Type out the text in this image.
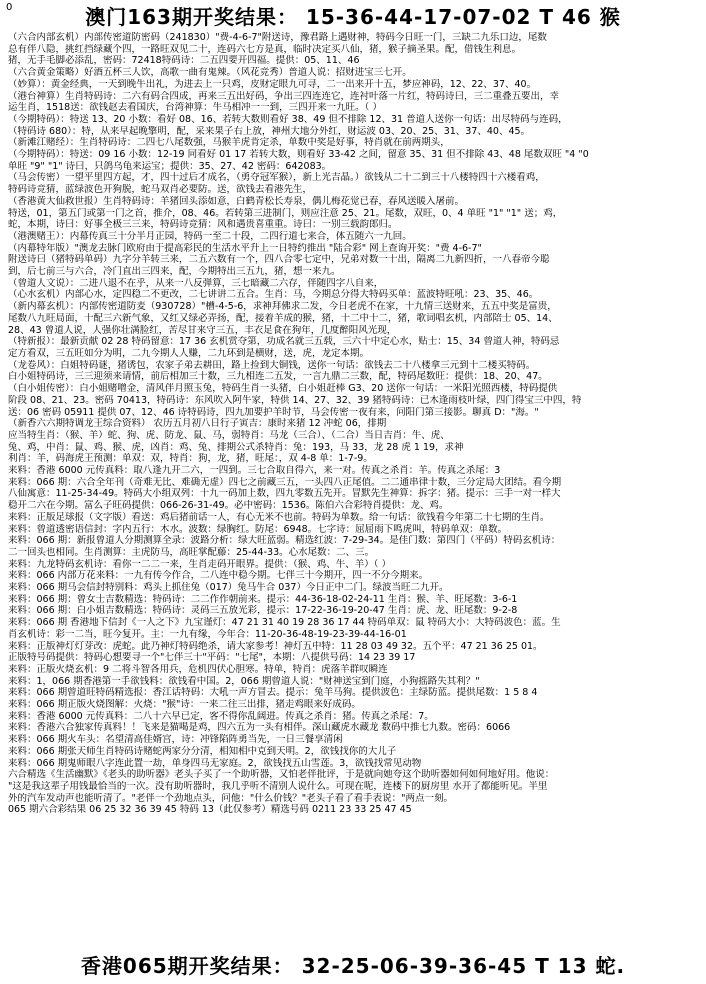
0	澳门163期开奖结果： 15-36-44-17-07-02 T 46 猴
（六合内部玄机）内部传密道防密码（241830）"费-4-6-7"附送诗，豫君路上遇财神，特码今日旺一门，三缺二九乐口边，尾数
总有伴八隐，挑红挡绿藏个四，一路旺双见二十，连码六七方是真，临时决定买八仙，猪，猴子摘圣果。配，借钱生利息。
猪，无手毛脚必添乱，密码：72418特码诗：二五四要开四福。提供：05、11、46
（六合黄金策略）好酒五杯三人饮，高歌一曲有鬼辣。（风花竞秀）普道人说：招财进宝三七开。
（妙算）：黄金经典，一天到晚牛出礼，为进去上一只鸡，皮财定眼九可寻，二一出来开十五，梦应神码，12、22、37、40。
（港台神算）生肖特码诗：二六有码合四成，再来三五出好码，争出三四连连它，连衬叶落一片红，特码诗曰，三二重叠五要出，幸
运生肖，1518送：欲钱赵去看国庆，台湾神算：牛马相冲一一到，三四开来一九旺。（ ）
（今期特码）：特送 13、20 小数：看好 08、16、若转大数则看好 38、49 但不排除 12、31 普道人送你一句话：出尽特码与连码，
（特码诗 680）：特，从来早起晚擎明，配，采来果子右上放，神州大地分外红，财运波 03、20、25、31、37、40、45。
（新滩江赌经）：生肖特码诗：二四七八尾数强，马猴羊虎肯定杀，单数中奖是好事，特肖就在前两期头，
（今期特码）：特送：09 16 小数：12-19 同看好 01 17 若转大数，则看好 33-42 之间，留意 35、31 但不排除 43、48 尾数双旺 "4 "0
单旺 "9" "1" 诗曰，只鸽乌龟来运宝；提供：35、27、42 密码：642083。
（马会传密）一望平里四方起，才，四十过后才成名，（勇夺冠军猴），新上光吉晶。）欲钱从二十二到三十八楼特四十六楼看鸡，
特码诗竞猜，蓝绿波色开狗脱，蛇马双肖必要防。送，欲钱去看港先生，
（香港黄大仙救世报）生肖特码诗：羊猪回头添如意，白鹤青松长寿泉，偶儿梅花觉已春，春风送暖入屠前。
特送，01，第五门或第一门之首，推介，08、46。若转第三进制门，则应注意 25、21。尾数，双旺，0、4 单旺 "1" "1" 送；鸡，
蛇，本期，诗曰：好事全极三三来，特码诗竞猜：风和遇贵喜重重。诗曰：一别三载韵郎归。
（港澳赌王）：内幕传真三十分半月正园，特码一至二十段，二四行道七来合，体五随六一九回。
（内幕特年版）"澳龙去脉门欧府由于提高彩民的生活水平升上一日特约推出 "陆合彩" 网上查询开奖："费 4-6-7"
附送诗曰（猪特码单码）九字分羊转三来，二五六数有一个，四八合零七定中，兄弟对数一十出，隔离二九新四折，一八春帝今聪
到，后七前三与六合，冷门直出三四来，配，今期特出三五九，猪，想一来九。
（曾道人文说）：二进八退不在乎，从来一八反弹算，三七暗藏二六存，伴随四字八自来，
（心水玄机）内部心水，定四稳二不更改，二七讲讲二五合。生肖：马，今期总分得大特码买单：蓝波特旺吼：23、35、46。
（新内幕玄机）：内部传密道防麦（930728）"槽-4-5-6，求神拜佛求二发，今日老虎不在家，十九情三送财来，五五中奖是富贵，
尾数八九旺局面，十配三六新气象，又红又绿必弄扬，配，接着羊成的猴，猪，十二中十二，猪，歌词唱玄机，内部陪士 05、14、
28、43 曾道人说，人强你壮满脸红，苦尽甘来守三五，丰衣足食在狗年，几度醉阳风光现，
（特新报）：最新贡献 02 28 特码留意：17 36 玄机赏夺第，功成名就三五载，三六十中定心水，贴士：15、34 曾道人神，特码忌
定方看双，三五旺如分为明，二九今期人人赚，二九环到是横财，送，虎，龙定本期。
（龙卷风）：白姐特码谜，猪诱包，农家子弟去耕田，路上捡到大铜钱，送你一句话：欲钱去二十八楼拿三元到十二楼买特码。
白小姐特码诗，三三迎须来请情，前后相加三十数，三九相连二五发，一言九鼎二三数，配，特码尾数旺：提供：18、20、47。
（白小姐传密）：白小姐赌噌金，清风伴月照玉兔，特码生肖一头猪，白小姐赶棒 G3、20 送你一句话：一米阳光照西楼，特码提供
阶段 08、21、23。密码 70413，特码诗：东风吹入阿牛家，特供 14、27、32、39 猪特码诗：已木逢雨枝叶绿，四门得宝三中四，特
送：06 密码 05911 提供 07、12、46 诗特码诗，四九加要护羊时节，马会传密一夜有来，问阳门第三接影。聊真 D："海。"
（新香六六期特调龙王综合资料） 农历五月初八日行子寅吉：康时来猪 12 冲蛇 06，排期
应当特生肖：（猴、羊）蛇、狗、虎、防龙、鼠、马，弱特肖：马龙（三合）、（二合）当日吉肖：牛、虎、
兔、鸡，中肖：鼠、鸡、猴、虎，凶肖：鸡、兔、排期公式杀特肖：兔：193，马 33，龙 28 虎 1 19，求神
利肖：羊，码海虎王预测：单双：双，特肖：狗，龙，猪，旺尾：，双 4-8 单：1-7-9。
来料：香港 6000 元传真料：取八逢九开二六，一四到。三七合取自得六，来一对。传真之杀肖：羊。传真之杀尾：3
来料：066 期：六合全年刊（奇难无比、难确无虚）四七之前藏三五，一头四八正尾值。二二通串律十数，三分定局大团结。看今期
八仙寓意：11-25-34-49。特码大小组双列：十九一码加上数，四九零数五先开。冒默先生神算：拆字：猪。提示：三手一对一样大
稳开二六在今期。富么子旺码提供：066-26-31-49。必中密码：1536。陈伯六合彩特肖提供：龙、鸡。
来料：正版足球报（文字版）看送：鸡后猪前话一人，有心无米不也前。特码为单数。给一句话：欲钱看今年第二十七期的生肖。
来料：曾道透密语信封：字内五行：木水。波数：绿胸红。防尾：6948。七字诗：屈屈雨下鸣虎叫，特码单双：单数。
来料：066 期：新报曾道人分期测算全录：波路分析：绿大旺蓝弱。精选红波：7-29-34。是佳门数：第四门（平码）特码玄机诗：
二一回头也相同。生肖测算：主虎防马，高旺掌配藤：25-44-33。心水尾数：二、三。
来料：九龙特码玄机诗：看你一二二一来，生肖走码开眼界。提供：（猴、鸡、牛、羊）（ ）
来料：066 内部万花来料：一九有传今作合，二八连中稳今期。七伴三十今期开，四一不分今期来。
来料：066 期马会信封特别料：鸡头上抓住兔（017）兔马牛合 037）今日正中二门。绿波当旺二九开。
来料：066 期：曾女士吉数精选：特码诗：二二作作朝前来。提示：44-36-18-02-24-11 生肖：猴、羊、旺尾数：3-6-1
来料：066 期：白小姐吉数精选：特码诗：灵码三五放光彩，提示：17-22-36-19-20-47 生肖：虎、龙、旺尾数：9-2-8
来料：066 期 香港地下信封《一人之下》九宝谨灯：47 21 31 40 19 28 36 17 44 特码单双：鼠 特码大小：大特码波色：蓝。生
肖玄机诗：彩一二当，旺今复开。主：一九有缘，今年合：11-20-36-48-19-23-39-44-16-01
来料：正版神灯灯芽改：虎蛇。此乃神灯特码绝杀，请大家参考！神灯五中特：11 28 03 49 32。五个平：47 21 36 25 01。
正版特号码提供：特码心想要寻一个"七伴三十"平码："七尾"，本期：八提供号码：14 23 39 17
来料：正版火烧玄机：9 二将斗智各用兵，危机四伏心胆寒。特单，特肖：虎落羊群叹瞬连
来料：1，066 期香港第一手欲钱料：欲钱看中国。2，066 期曾道人说："财神送宝到门庭，小狗摇路失其利？"
来料：066 期曾道旺特码精选报：香江话特码：大吼一声方冒去。提示：兔羊马狗。提供波色：主绿防蓝。提供尾数：1 5 8 4
来料：066 期正版火烧图解：火烧："猴"诗：一来二往三出排，猪走鸡眼来好成码。
来料：香港 6000 元传真料：二八十六早已定，客不得你乱阔进。传真之杀肖：猪。传真之杀尾：7。
来料：香港六合独家传真料！！飞来是猫喝是鸡，四六五为一头有相伴。深山藏虎水藏龙 数码中推七九数。密码：6066
来料：066 期火车头：名望清高佳婿宫，诗：冲锋陷阵勇当先，一日三餐享清闲
来料：066 期张天师生肖特码诗赌蛇两家分分清，相知相中克到天明。2，欲钱找你的大儿子
来料：066 期鬼师眼八字连此置一劫，单身四马无家庭。2，欲钱找五山雪莲。3，欲钱找常见动物
六合精选《生活幽默》《老头的助听器》老头子买了一个助听器，又怕老伴批评，于是就向她夸这个助听器如何如何地好用。他说：
"这是我这辈子用钱最恰当的一次。没有助听器时，我几乎听不清别人说什么。可现在呢，连楼下的厨房里 水开了都能听见。半里
外的汽车发动声也能听清了。"老伴一个劲地点头，问他："什么价钱？"老头子看了看手表说："两点一刻。
065 期六合彩结果 06 25 32 36 39 45 特码 13（此仅参考）精选号码 0211 23 33 25 47 45
香港065期开奖结果： 32-25-06-39-36-45 T 13 蛇.
